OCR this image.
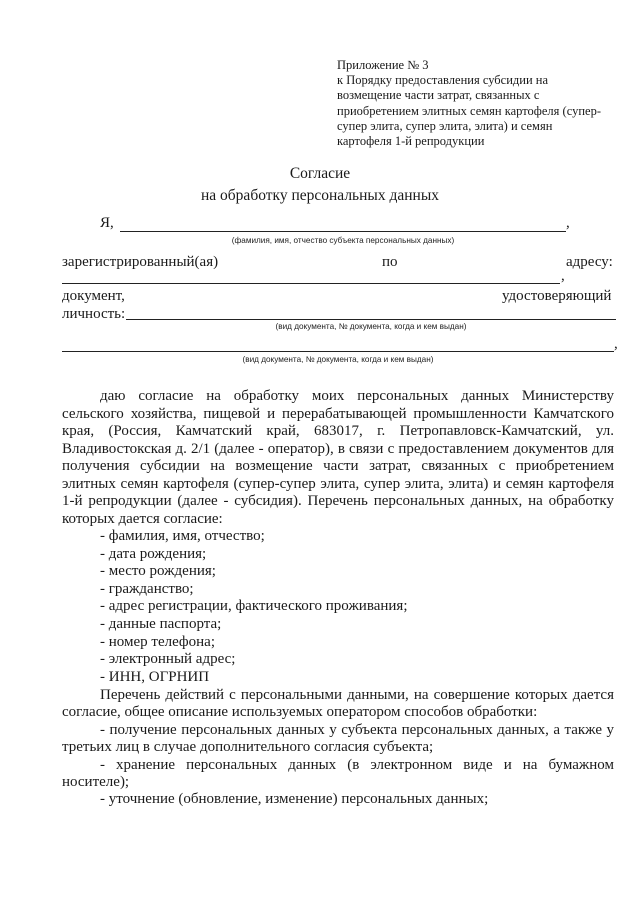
Приложение № 3
к Порядку предоставления субсидии на
возмещение части затрат, связанных с
приобретением элитных семян картофеля (супер-
супер элита, супер элита, элита) и семян
картофеля 1-й репродукции
Согласие
на обработку персональных данных
Я,	,
(фамилия, имя, отчество субъекта персональных данных)
зарегистрированный(ая)	по	адресу:
,
документ,	удостоверяющий
личность:
(вид документа, № документа, когда и кем выдан)
,
(вид документа, № документа, когда и кем выдан)
даю согласие на обработку моих персональных данных Министерству сельского хозяйства, пищевой и перерабатывающей промышленности Камчатского края, (Россия, Камчатский край, 683017, г. Петропавловск-Камчатский, ул. Владивостокская д. 2/1 (далее - оператор), в связи с предоставлением документов для получения субсидии на возмещение части затрат, связанных с приобретением элитных семян картофеля (супер-супер элита, супер элита, элита) и семян картофеля 1-й репродукции (далее - субсидия). Перечень персональных данных, на обработку которых дается согласие:
- фамилия, имя, отчество;
- дата рождения;
- место рождения;
- гражданство;
- адрес регистрации, фактического проживания;
- данные паспорта;
- номер телефона;
- электронный адрес;
- ИНН, ОГРНИП
Перечень действий с персональными данными, на совершение которых дается согласие, общее описание используемых оператором способов обработки:

- получение персональных данных у субъекта персональных данных, а также у третьих лиц в случае дополнительного согласия субъекта;

- хранение персональных данных (в электронном виде и на бумажном носителе);

- уточнение (обновление, изменение) персональных данных;
